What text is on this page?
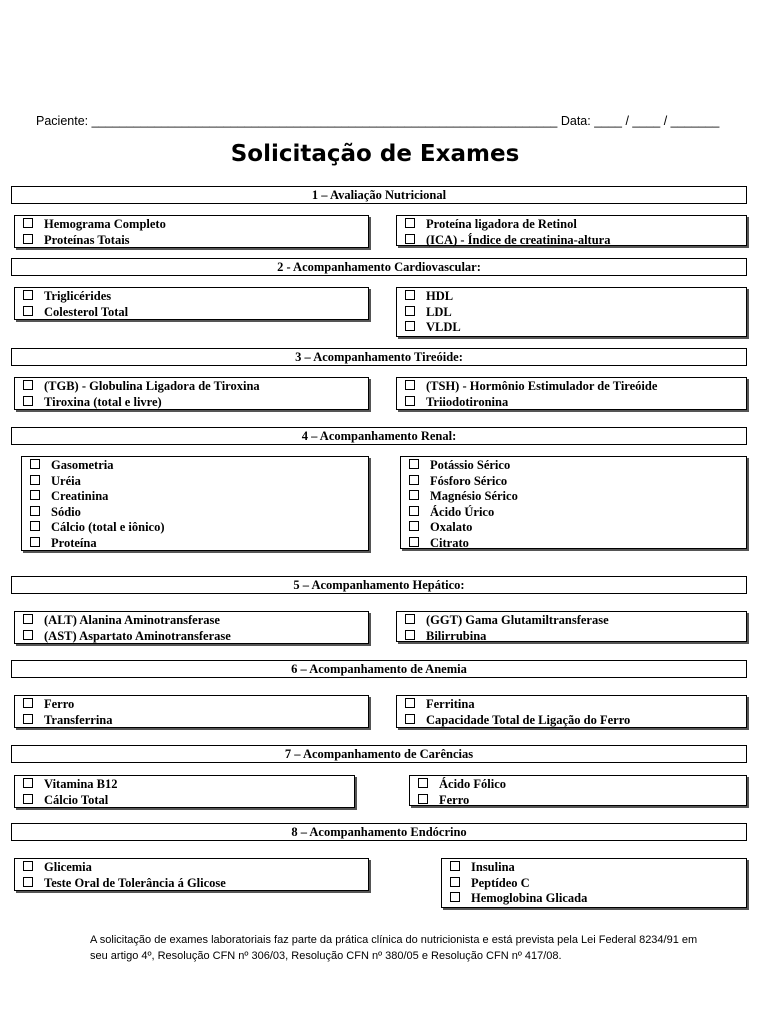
Paciente: ___________________________________________________________________ Data: ____ / ____ / _______
Solicitação de Exames
1 – Avaliação Nutricional
Hemograma Completo
Proteínas Totais
Proteína ligadora de Retinol
(ICA) - Índice de creatinina-altura
2 - Acompanhamento Cardiovascular:
Triglicérides
Colesterol Total
HDL
LDL
VLDL
3 – Acompanhamento Tireóide:
(TGB) - Globulina Ligadora de Tiroxina
Tiroxina (total e livre)
(TSH) - Hormônio Estimulador de Tireóide
Triiodotironina
4 – Acompanhamento Renal:
Gasometria
Uréia
Creatinina
Sódio
Cálcio (total e iônico)
Proteína
Potássio Sérico
Fósforo Sérico
Magnésio Sérico
Ácido Úrico
Oxalato
Citrato
5 – Acompanhamento Hepático:
(ALT) Alanina Aminotransferase
(AST) Aspartato Aminotransferase
(GGT) Gama Glutamiltransferase
Bilirrubina
6 – Acompanhamento de Anemia
Ferro
Transferrina
Ferritina
Capacidade Total de Ligação do Ferro
7 – Acompanhamento de Carências
Vitamina B12
Cálcio Total
Ácido Fólico
Ferro
8 – Acompanhamento Endócrino
Glicemia
Teste Oral de Tolerância á Glicose
Insulina
Peptídeo C
Hemoglobina Glicada
A solicitação de exames laboratoriais faz parte da prática clínica do nutricionista e está prevista pela Lei Federal 8234/91 em seu artigo 4º, Resolução CFN nº 306/03, Resolução CFN nº 380/05 e Resolução CFN nº 417/08.
